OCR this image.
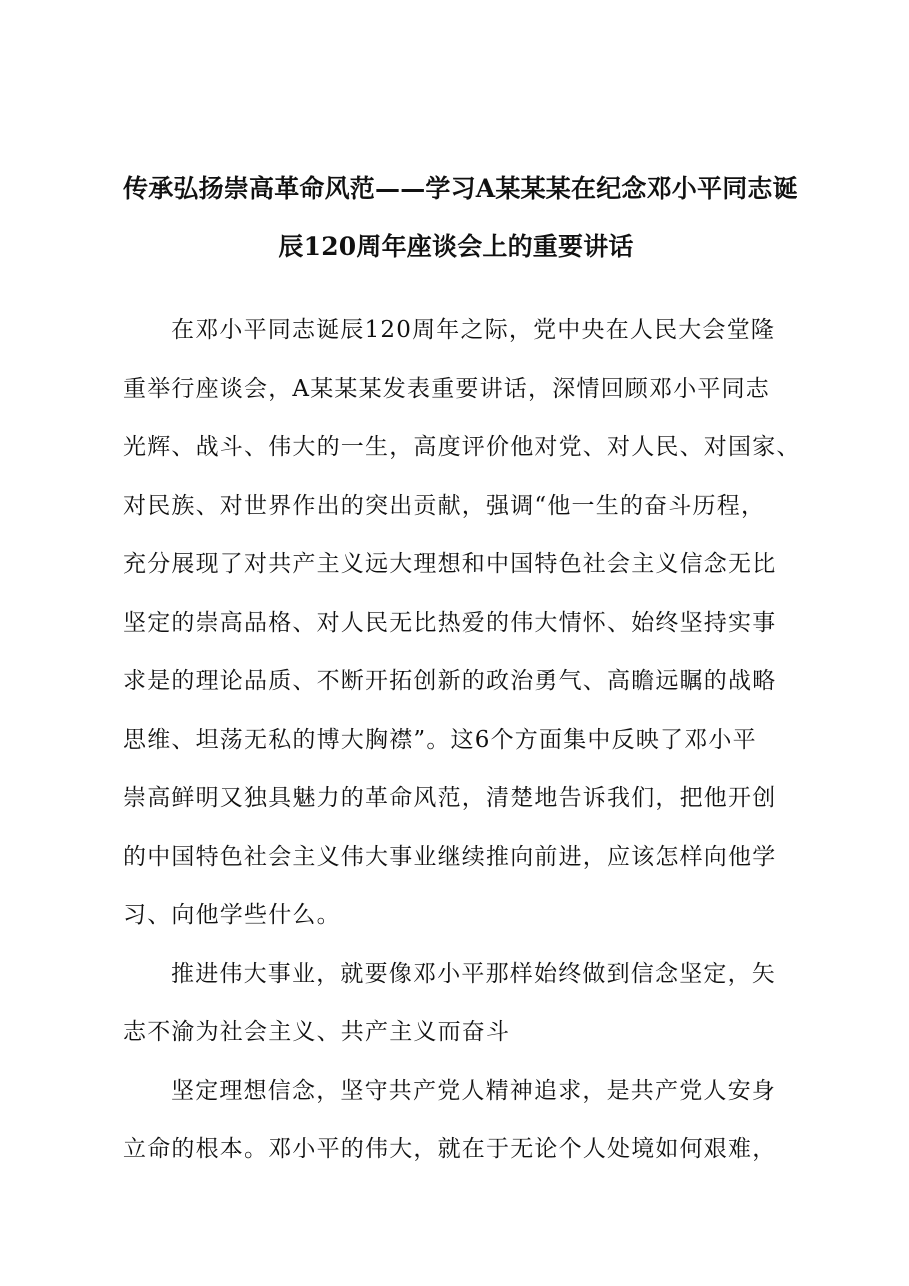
传承弘扬崇高革命风范——学习A某某某在纪念邓小平同志诞
辰120周年座谈会上的重要讲话

在邓小平同志诞辰120周年之际，党中央在人民大会堂隆
重举行座谈会，A某某某发表重要讲话，深情回顾邓小平同志
光辉、战斗、伟大的一生，高度评价他对党、对人民、对国家、
对民族、对世界作出的突出贡献，强调“他一生的奋斗历程，
充分展现了对共产主义远大理想和中国特色社会主义信念无比
坚定的崇高品格、对人民无比热爱的伟大情怀、始终坚持实事
求是的理论品质、不断开拓创新的政治勇气、高瞻远瞩的战略
思维、坦荡无私的博大胸襟”。这6个方面集中反映了邓小平
崇高鲜明又独具魅力的革命风范，清楚地告诉我们，把他开创
的中国特色社会主义伟大事业继续推向前进，应该怎样向他学
习、向他学些什么。

推进伟大事业，就要像邓小平那样始终做到信念坚定，矢
志不渝为社会主义、共产主义而奋斗

坚定理想信念，坚守共产党人精神追求，是共产党人安身
立命的根本。邓小平的伟大，就在于无论个人处境如何艰难，
